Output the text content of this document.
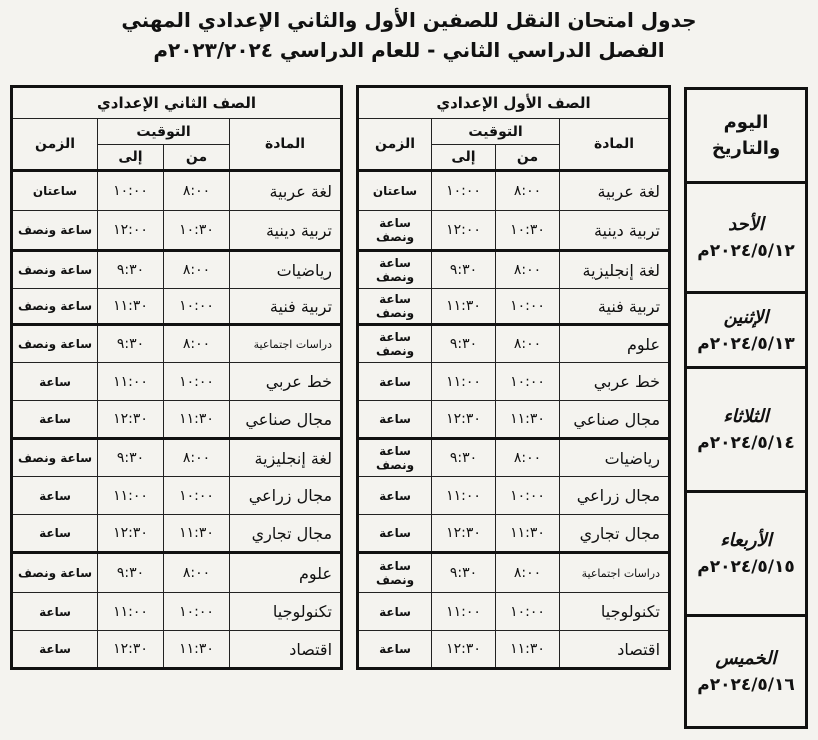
جدول امتحان النقل للصفين الأول والثاني الإعدادي المهني
الفصل الدراسي الثاني - للعام الدراسي ٢٠٢٣/٢٠٢٤م
اليوم والتاريخ

الأحد
٢٠٢٤/٥/١٢م

الإثنين
٢٠٢٤/٥/١٣م

الثلاثاء
٢٠٢٤/٥/١٤م

الأربعاء
٢٠٢٤/٥/١٥م

الخميس
٢٠٢٤/٥/١٦م
الصف الأول الإعدادي			
المادة	التوقيت		الزمن
	من	إلى	
لغة عربية	٨:٠٠	١٠:٠٠	ساعتان
تربية دينية	١٠:٣٠	١٢:٠٠	ساعة ونصف
لغة إنجليزية	٨:٠٠	٩:٣٠	ساعة ونصف
تربية فنية	١٠:٠٠	١١:٣٠	ساعة ونصف
علوم	٨:٠٠	٩:٣٠	ساعة ونصف
خط عربي	١٠:٠٠	١١:٠٠	ساعة
مجال صناعي	١١:٣٠	١٢:٣٠	ساعة
رياضيات	٨:٠٠	٩:٣٠	ساعة ونصف
مجال زراعي	١٠:٠٠	١١:٠٠	ساعة
مجال تجاري	١١:٣٠	١٢:٣٠	ساعة
دراسات اجتماعية	٨:٠٠	٩:٣٠	ساعة ونصف
تكنولوجيا	١٠:٠٠	١١:٠٠	ساعة
اقتصاد	١١:٣٠	١٢:٣٠	ساعة
الصف الثاني الإعدادي			
المادة	التوقيت		الزمن
	من	إلى	
لغة عربية	٨:٠٠	١٠:٠٠	ساعتان
تربية دينية	١٠:٣٠	١٢:٠٠	ساعة ونصف
رياضيات	٨:٠٠	٩:٣٠	ساعة ونصف
تربية فنية	١٠:٠٠	١١:٣٠	ساعة ونصف
دراسات اجتماعية	٨:٠٠	٩:٣٠	ساعة ونصف
خط عربي	١٠:٠٠	١١:٠٠	ساعة
مجال صناعي	١١:٣٠	١٢:٣٠	ساعة
لغة إنجليزية	٨:٠٠	٩:٣٠	ساعة ونصف
مجال زراعي	١٠:٠٠	١١:٠٠	ساعة
مجال تجاري	١١:٣٠	١٢:٣٠	ساعة
علوم	٨:٠٠	٩:٣٠	ساعة ونصف
تكنولوجيا	١٠:٠٠	١١:٠٠	ساعة
اقتصاد	١١:٣٠	١٢:٣٠	ساعة
